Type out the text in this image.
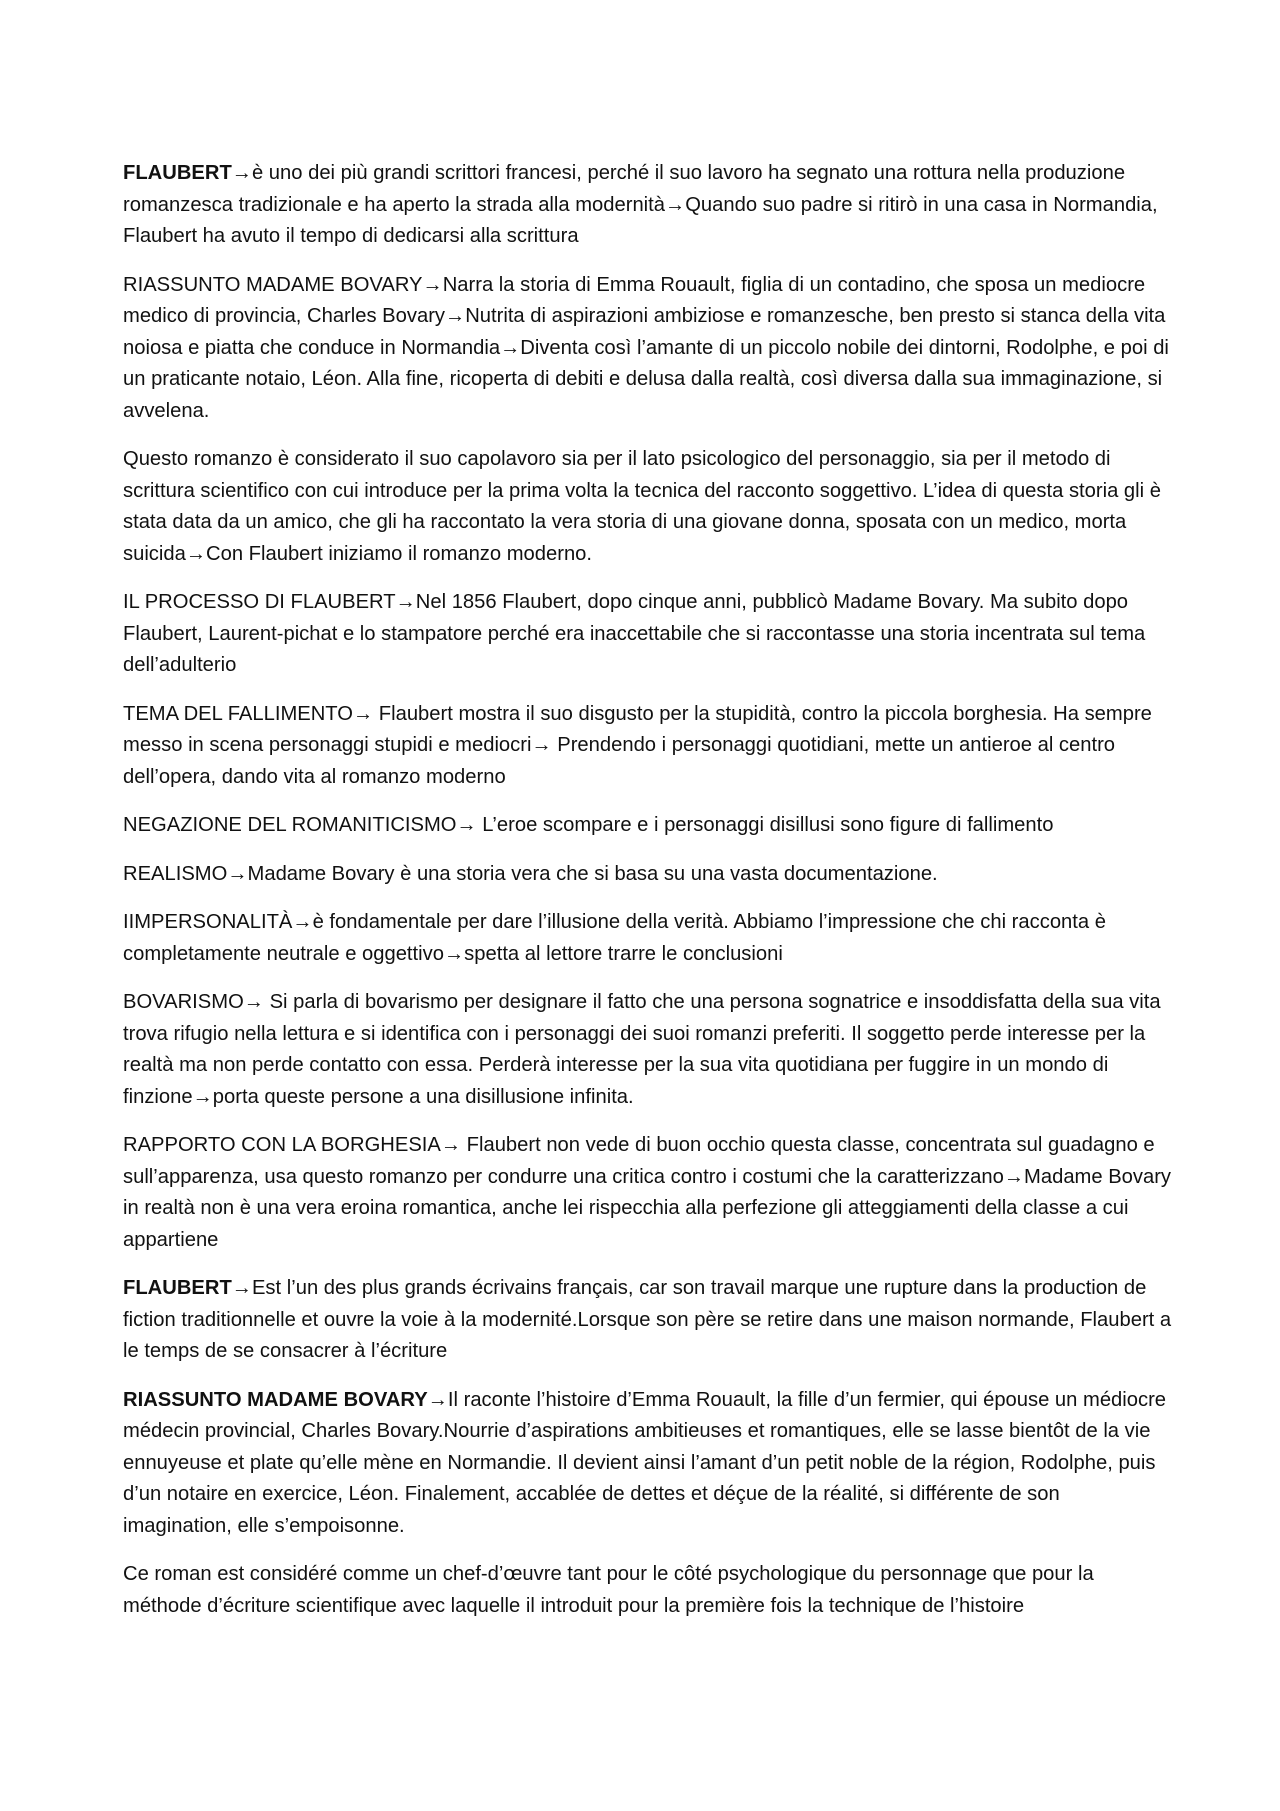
FLAUBERT→è uno dei più grandi scrittori francesi, perché il suo lavoro ha segnato una rottura nella produzione romanzesca tradizionale e ha aperto la strada alla modernità→Quando suo padre si ritirò in una casa in Normandia, Flaubert ha avuto il tempo di dedicarsi alla scrittura

RIASSUNTO MADAME BOVARY→Narra la storia di Emma Rouault, figlia di un contadino, che sposa un mediocre medico di provincia, Charles Bovary→Nutrita di aspirazioni ambiziose e romanzesche, ben presto si stanca della vita noiosa e piatta che conduce in Normandia→Diventa così l’amante di un piccolo nobile dei dintorni, Rodolphe, e poi di un praticante notaio, Léon. Alla fine, ricoperta di debiti e delusa dalla realtà, così diversa dalla sua immaginazione, si avvelena.

Questo romanzo è considerato il suo capolavoro sia per il lato psicologico del personaggio, sia per il metodo di scrittura scientifico con cui introduce per la prima volta la tecnica del racconto soggettivo. L’idea di questa storia gli è stata data da un amico, che gli ha raccontato la vera storia di una giovane donna, sposata con un medico, morta suicida→Con Flaubert iniziamo il romanzo moderno.

IL PROCESSO DI FLAUBERT→Nel 1856 Flaubert, dopo cinque anni, pubblicò Madame Bovary. Ma subito dopo Flaubert, Laurent-pichat e lo stampatore perché era inaccettabile che si raccontasse una storia incentrata sul tema dell’adulterio

TEMA DEL FALLIMENTO→ Flaubert mostra il suo disgusto per la stupidità, contro la piccola borghesia. Ha sempre messo in scena personaggi stupidi e mediocri→ Prendendo i personaggi quotidiani, mette un antieroe al centro dell’opera, dando vita al romanzo moderno

NEGAZIONE DEL ROMANITICISMO→ L’eroe scompare e i personaggi disillusi sono figure di fallimento

REALISMO→Madame Bovary è una storia vera che si basa su una vasta documentazione.

IIMPERSONALITÀ→è fondamentale per dare l’illusione della verità. Abbiamo l’impressione che chi racconta è completamente neutrale e oggettivo→spetta al lettore trarre le conclusioni

BOVARISMO→ Si parla di bovarismo per designare il fatto che una persona sognatrice e insoddisfatta della sua vita trova rifugio nella lettura e si identifica con i personaggi dei suoi romanzi preferiti. Il soggetto perde interesse per la realtà ma non perde contatto con essa. Perderà interesse per la sua vita quotidiana per fuggire in un mondo di finzione→porta queste persone a una disillusione infinita.

RAPPORTO CON LA BORGHESIA→ Flaubert non vede di buon occhio questa classe, concentrata sul guadagno e sull’apparenza, usa questo romanzo per condurre una critica contro i costumi che la caratterizzano→Madame Bovary in realtà non è una vera eroina romantica, anche lei rispecchia alla perfezione gli atteggiamenti della classe a cui appartiene

FLAUBERT→Est l’un des plus grands écrivains français, car son travail marque une rupture dans la production de fiction traditionnelle et ouvre la voie à la modernité.Lorsque son père se retire dans une maison normande, Flaubert a le temps de se consacrer à l’écriture

RIASSUNTO MADAME BOVARY→Il raconte l’histoire d’Emma Rouault, la fille d’un fermier, qui épouse un médiocre médecin provincial, Charles Bovary.Nourrie d’aspirations ambitieuses et romantiques, elle se lasse bientôt de la vie ennuyeuse et plate qu’elle mène en Normandie. Il devient ainsi l’amant d’un petit noble de la région, Rodolphe, puis d’un notaire en exercice, Léon. Finalement, accablée de dettes et déçue de la réalité, si différente de son imagination, elle s’empoisonne.

Ce roman est considéré comme un chef-d’œuvre tant pour le côté psychologique du personnage que pour la méthode d’écriture scientifique avec laquelle il introduit pour la première fois la technique de l’histoire
